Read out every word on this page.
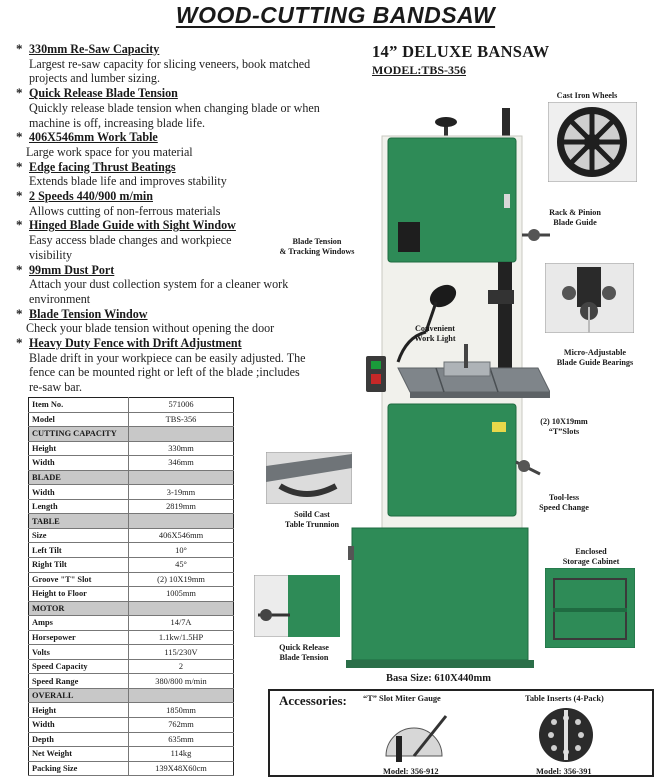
WOOD-CUTTING BANDSAW
* 330mm Re-Saw Capacity
Largest re-saw capacity for slicing veneers, book matched
projects and lumber sizing.
* Quick Release Blade Tension
Quickly release blade tension when changing blade or when
machine is off, increasing blade life.
* 406X546mm Work Table
Large work space for you material
* Edge facing Thrust Beatings
Extends blade life and improves stability
* 2 Speeds 440/900 m/min
Allows cutting of non-ferrous materials
* Hinged Blade Guide with Sight Window
Easy access blade changes and workpiece
visibility
* 99mm Dust Port
Attach your dust collection system for a cleaner work
environment
* Blade Tension Window
Check your blade tension without opening the door
* Heavy Duty Fence with Drift Adjustment
Blade drift in your workpiece can be easily adjusted. The
fence can be mounted right or left of the blade ;includes
re-saw bar.
Item No.	571006
Model	TBS-356
CUTTING CAPACITY	
Height	330mm
Width	346mm
BLADE	
Width	3-19mm
Length	2819mm
TABLE	
Size	406X546mm
Left Tilt	10°
Right Tilt	45°
Groove "T" Slot	(2) 10X19mm
Height to Floor	1005mm
MOTOR	
Amps	14/7A
Horsepower	1.1kw/1.5HP
Volts	115/230V
Speed Capacity	2
Speed Range	380/800 m/min
OVERALL	
Height	1850mm
Width	762mm
Depth	635mm
Net Weight	114kg
Packing Size	139X48X60cm
14” DELUXE BANSAW
MODEL:TBS-356
Cast Iron Wheels
Rack & Pinion
Blade Guide
Blade Tension
& Tracking Windows
Convenient
Work Light
Micro-Adjustable
Blade Guide Bearings
(2) 10X19mm
“T”Slots
Tool-less
Speed Change
Soild Cast
Table Trunnion
Enclosed
Storage Cabinet
Quick Release
Blade Tension
Basa Size: 610X440mm
Accessories: “T” Slot Miter Gauge
Model: 356-912
Table Inserts (4-Pack)
Model: 356-391
